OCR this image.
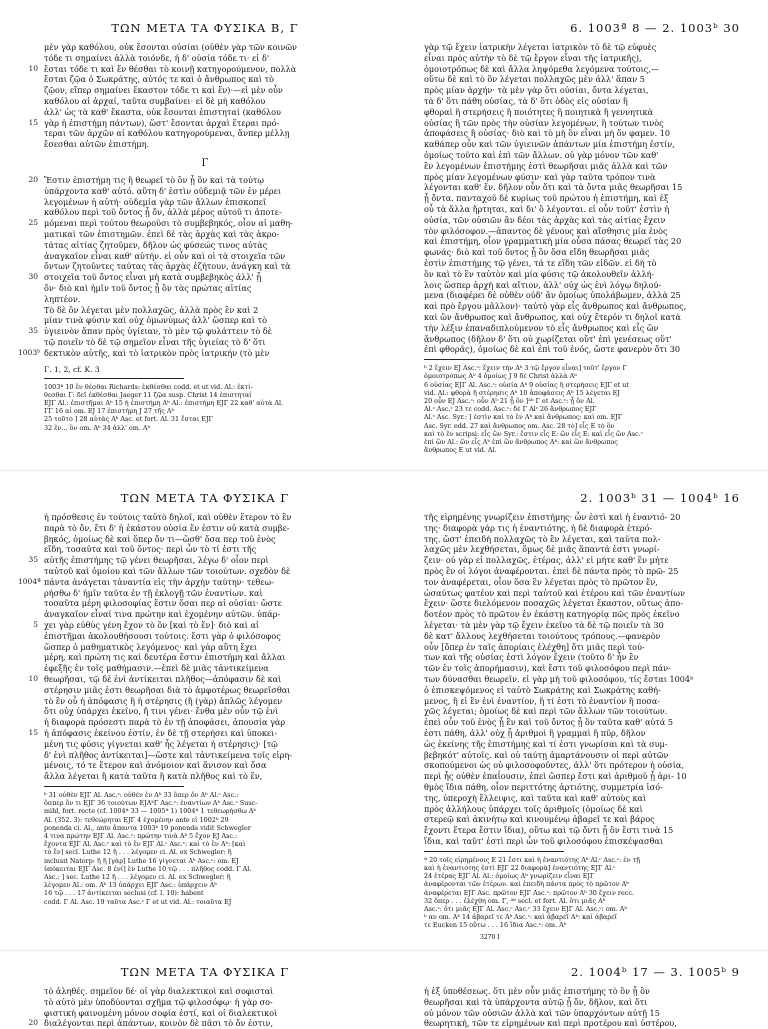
ΤΩΝ ΜΕΤΑ ΤΑ ΦΥΣΙΚΑ Β, Γ
μὲν γὰρ καθόλου, οὐκ ἔσονται οὐσίαι (οὐθὲν γὰρ τῶν κοινῶν
τόδε τι σημαίνει ἀλλὰ τοιόνδε, ἡ δ' οὐσία τόδε τι· εἰ δ'
10 ἔσται τόδε τι καὶ ἕν θέσθαι τὸ κοινῇ κατηγορούμενον, πολλὰ
ἔσται ζῷα ὁ Σωκράτης, αὐτός τε καὶ ὁ ἄνθρωπος καὶ τὸ
ζῷον, εἴπερ σημαίνει ἕκαστον τόδε τι καὶ ἕν)·—εἰ μὲν οὖν
καθόλου αἱ ἀρχαί, ταῦτα συμβαίνει· εἰ δὲ μὴ καθόλου
ἀλλ' ὡς τὰ καθ' ἕκαστα, οὐκ ἔσονται ἐπιστηταί (καθόλου
15 γὰρ ἡ ἐπιστήμη πάντων), ὥστ' ἔσονται ἀρχαὶ ἕτεραι πρό-
τεραι τῶν ἀρχῶν αἱ καθόλου κατηγορούμεναι, ἄνπερ μέλλῃ
ἔσεσθαι αὐτῶν ἐπιστήμη.
Γ
20 Ἔστιν ἐπιστήμη τις ἣ θεωρεῖ τὸ ὂν ᾗ ὂν καὶ τὰ τούτῳ
ὑπάρχοντα καθ' αὑτό. αὕτη δ' ἐστὶν οὐδεμιᾷ τῶν ἐν μέρει
λεγομένων ἡ αὐτή· οὐδεμία γὰρ τῶν ἄλλων ἐπισκοπεῖ
καθόλου περὶ τοῦ ὄντος ᾗ ὄν, ἀλλὰ μέρος αὐτοῦ τι ἀποτε-
25 μόμεναι περὶ τούτου θεωροῦσι τὸ συμβεβηκός, οἷον αἱ μαθη-
ματικαὶ τῶν ἐπιστημῶν. ἐπεὶ δὲ τὰς ἀρχὰς καὶ τὰς ἀκρο-
τάτας αἰτίας ζητοῦμεν, δῆλον ὡς φύσεώς τινος αὐτὰς
ἀναγκαῖον εἶναι καθ' αὑτήν. εἰ οὖν καὶ οἱ τὰ στοιχεῖα τῶν
ὄντων ζητοῦντες ταύτας τὰς ἀρχὰς ἐζήτουν, ἀνάγκη καὶ τὰ
30 στοιχεῖα τοῦ ὄντος εἶναι μὴ κατὰ συμβεβηκὸς ἀλλ' ᾗ
ὄν· διὸ καὶ ἡμῖν τοῦ ὄντος ᾗ ὂν τὰς πρώτας αἰτίας
ληπτέον.
Τὸ δὲ ὂν λέγεται μὲν πολλαχῶς, ἀλλὰ πρὸς ἓν καὶ 2
μίαν τινὰ φύσιν καὶ οὐχ ὁμωνύμως ἀλλ' ὥσπερ καὶ τὸ
35 ὑγιεινὸν ἅπαν πρὸς ὑγίειαν, τὸ μὲν τῷ φυλάττειν τὸ δὲ
τῷ ποιεῖν τὸ δὲ τῷ σημεῖον εἶναι τῆς ὑγιείας τὸ δ' ὅτι
1003ᵇ δεκτικὸν αὐτῆς, καὶ τὸ ἰατρικὸν πρὸς ἰατρικήν (τὸ μὲν
Γ. 1, 2, cf. K. 3
1003ª 10 ἓν θέσθαι Richards: ἐκθέσθαι codd. et ut vid. Al.: ἐκτί-
θεσθαι Γ: δεῖ ἐκθέσθαι Jaeger 11 ζῷα susp. Christ 14 ἐπιστηταί
EJΓ Al.: ἐπιστῆμαι Aᵇ 15 ἡ ἐπιστήμη Aᵇ Al.: ἐπιστήμη EJΓ 22 καθ' αὑτὰ Al.
ΓΓ 16 αἱ om. EJ 17 ἐπιστήμη J 27 τῆς Aᵇ
25 τοῦτο ] 28 αὐτὰς Aᵇ Asc. et fort. Al. 31 ἔσται EJΓ
32 ἓν... ὂν om. Aᵇ 34 ἀλλ' om. Aᵇ
6. 1003ª 8 — 2. 1003ᵇ 30
γὰρ τῷ ἔχειν ἰατρικὴν λέγεται ἰατρικὸν τὸ δὲ τῷ εὐφυὲς
εἶναι πρὸς αὐτὴν τὸ δὲ τῷ ἔργον εἶναι τῆς ἰατρικῆς),
ὁμοιοτρόπως δὲ καὶ ἄλλα ληψόμεθα λεγόμενα τούτοις,—
οὕτω δὲ καὶ τὸ ὂν λέγεται πολλαχῶς μὲν ἀλλ' ἅπαν 5
πρὸς μίαν ἀρχήν· τὰ μὲν γὰρ ὅτι οὐσίαι, ὄντα λέγεται,
τὰ δ' ὅτι πάθη οὐσίας, τὰ δ' ὅτι ὁδὸς εἰς οὐσίαν ἢ
φθοραὶ ἢ στερήσεις ἢ ποιότητες ἢ ποιητικὰ ἢ γεννητικὰ
οὐσίας ἢ τῶν πρὸς τὴν οὐσίαν λεγομένων, ἢ τούτων τινὸς
ἀποφάσεις ἢ οὐσίας· διὸ καὶ τὸ μὴ ὂν εἶναι μὴ ὄν φαμεν. 10
καθάπερ οὖν καὶ τῶν ὑγιεινῶν ἁπάντων μία ἐπιστήμη ἐστίν,
ὁμοίως τοῦτο καὶ ἐπὶ τῶν ἄλλων. οὐ γὰρ μόνον τῶν καθ'
ἓν λεγομένων ἐπιστήμης ἐστὶ θεωρῆσαι μιᾶς ἀλλὰ καὶ τῶν
πρὸς μίαν λεγομένων φύσιν· καὶ γὰρ ταῦτα τρόπον τινὰ
λέγονται καθ' ἕν. δῆλον οὖν ὅτι καὶ τὰ ὄντα μιᾶς θεωρῆσαι 15
ᾗ ὄντα. πανταχοῦ δὲ κυρίως τοῦ πρώτου ἡ ἐπιστήμη, καὶ ἐξ
οὗ τὰ ἄλλα ἤρτηται, καὶ δι' ὃ λέγονται. εἰ οὖν τοῦτ' ἐστὶν ἡ
οὐσία, τῶν οὐσιῶν ἂν δέοι τὰς ἀρχὰς καὶ τὰς αἰτίας ἔχειν
τὸν φιλόσοφον.—ἁπαντος δὲ γένους καὶ αἴσθησις μία ἑνὸς
καὶ ἐπιστήμη, οἷον γραμματικὴ μία οὖσα πάσας θεωρεῖ τὰς 20
φωνάς· διὸ καὶ τοῦ ὄντος ᾗ ὂν ὅσα εἴδη θεωρῆσαι μιᾶς
ἐστὶν ἐπιστήμης τῷ γένει, τά τε εἴδη τῶν εἰδῶν. εἰ δὴ τὸ
ὂν καὶ τὸ ἓν ταὐτὸν καὶ μία φύσις τῷ ἀκολουθεῖν ἀλλή-
λοις ὥσπερ ἀρχὴ καὶ αἴτιον, ἀλλ' οὐχ ὡς ἑνὶ λόγῳ δηλού-
μενα (διαφέρει δὲ οὐθὲν οὐδ' ἂν ὁμοίως ὑπολάβωμεν, ἀλλὰ 25
καὶ πρὸ ἔργου μᾶλλον)· ταὐτὸ γὰρ εἷς ἄνθρωπος καὶ ἄνθρωπος,
καὶ ὢν ἄνθρωπος καὶ ἄνθρωπος, καὶ οὐχ ἕτερόν τι δηλοῖ κατὰ
τὴν λέξιν ἐπαναδιπλούμενον τὸ εἷς ἄνθρωπος καὶ εἷς ὢν
ἄνθρωπος (δῆλον δ' ὅτι οὐ χωρίζεται οὔτ' ἐπὶ γενέσεως οὔτ'
ἐπὶ φθορᾶς), ὁμοίως δὲ καὶ ἐπὶ τοῦ ἑνός, ὥστε φανερὸν ὅτι 30
ᵇ 2 ἔχειν EJ Asc.ᶜ: ἔχειν τὴν Aᵇ 3 τῷ ἔργον εἶναι] τοῦτ' ἔργον Γ
ὁμοιοτρόπως Aᵇ 4 ὁμοίως J 9 δὲ Christ ἀλλὰ Aᵇ
6 οὐσίας EJΓ Al. Asc.ᶜ: οὐσία Aᵇ 9 οὐσίας ἢ στερήσεις EJΓ et ut
vid. Al.: φθορὰ ἢ στέρησις Aᵇ 10 ἀποφάσεις Aᵇ 15 λέγεται EJ
20 οὖν EJ Asc.ᶜ: οὖν Aᵇ 21 ᾗ ὂν ]ᴬᵇ Γ et Asc.ᶜ: ᾗ ὂν Al.
Al.ᶜ Asc.ᶜ 23 τε codd. Asc.ᶜ: δὲ Γ Alᶜ 26 ἄνθρωπος EJΓ
Al.ᶜ Asc. Syr.: ] ἐστὶν καὶ τὸ ἓν Aᵇ καὶ ἄνθρωπος: καὶ om. EJΓ
Asc. Syr. edd. 27 καὶ ἄνθρωπος om. Asc. 28 τὸ] εἷς E τὸ ὂν
καὶ τὸ ἓν scripsi: εἷς ὢν Syr.: ἔστιν εἷς E: ὢν εἷς E: καὶ εἷς ὢν Asc.ᶜ
ἐπὶ ὢν Al.: ὢν εἷς Aᵇ ἐπὶ ὢν ἄνθρωπος Aᵇ: καὶ ὢν ἄνθρωπος
ἄνθρωπος E ut vid. Al.
ΤΩΝ ΜΕΤΑ ΤΑ ΦΥΣΙΚΑ Γ
ἡ πρόσθεσις ἐν τούτοις ταὐτὸ δηλοῖ, καὶ οὐθὲν ἕτερον τὸ ἓν
παρὰ τὸ ὄν, ἔτι δ' ἡ ἑκάστου οὐσία ἕν ἐστιν οὐ κατὰ συμβε-
βηκός, ὁμοίως δὲ καὶ ὅπερ ὄν τι—ὥσθ' ὅσα περ τοῦ ἑνὸς
εἴδη, τοσαῦτα καὶ τοῦ ὄντος· περὶ ὧν τὸ τί ἐστι τῆς
35 αὐτῆς ἐπιστήμης τῷ γένει θεωρῆσαι, λέγω δ' οἷον περὶ
ταὐτοῦ καὶ ὁμοίου καὶ τῶν ἄλλων τῶν τοιούτων. σχεδὸν δὲ
1004ª πάντα ἀνάγεται τἀναντία εἰς τὴν ἀρχὴν ταύτην· τεθεω-
ρήσθω δ' ἡμῖν ταῦτα ἐν τῇ ἐκλογῇ τῶν ἐναντίων. καὶ
τοσαῦτα μέρη φιλοσοφίας ἔστιν ὅσαι περ αἱ οὐσίαι· ὥστε
ἀναγκαῖον εἶναί τινα πρώτην καὶ ἐχομένην αὐτῶν. ὑπάρ-
5 χει γὰρ εὐθὺς γένη ἔχον τὸ ὂν [καὶ τὸ ἕν]· διὸ καὶ αἱ
ἐπιστῆμαι ἀκολουθήσουσι τούτοις. ἔστι γὰρ ὁ φιλόσοφος
ὥσπερ ὁ μαθηματικὸς λεγόμενος· καὶ γὰρ αὕτη ἔχει
μέρη, καὶ πρώτη τις καὶ δευτέρα ἔστιν ἐπιστήμη καὶ ἄλλαι
ἐφεξῆς ἐν τοῖς μαθήμασιν.—ἐπεὶ δὲ μιᾶς τἀντικείμενα
10 θεωρῆσαι, τῷ δὲ ἑνὶ ἀντίκειται πλῆθος—ἀπόφασιν δὲ καὶ
στέρησιν μιᾶς ἐστι θεωρῆσαι διὰ τὸ ἀμφοτέρως θεωρεῖσθαι
τὸ ἓν οὗ ἡ ἀπόφασις ἢ ἡ στέρησις (ἢ (γὰρ) ἁπλῶς λέγομεν
ὅτι οὐχ ὑπάρχει ἐκεῖνο, ἤ τινι γένει· ἔνθα μὲν οὖν τῷ ἑνὶ
ἡ διαφορὰ πρόσεστι παρὰ τὸ ἐν τῇ ἀποφάσει, ἀπουσία γὰρ
15 ἡ ἀπόφασις ἐκείνου ἐστίν, ἐν δὲ τῇ στερήσει καὶ ὑποκει-
μένη τις φύσις γίγνεται καθ' ἧς λέγεται ἡ στέρησις)· [τῷ
δ' ἑνὶ πλῆθος ἀντίκειται]—ὥστε καὶ τἀντικείμενα τοῖς εἰρη-
μένοις, τό τε ἕτερον καὶ ἀνόμοιον καὶ ἄνισον καὶ ὅσα
ἄλλα λέγεται ἢ κατὰ ταῦτα ἢ κατὰ πλῆθος καὶ τὸ ἕν,
ᵇ 31 οὐθὲν EJΓ Al. Asc.ᶜ: οὐθὲν ἐν Aᵇ 33 ὅπερ ὄν Aᵇ Al.ᶜ Asc.:
ὅσπερ ὄν τι EJΓ 36 τοιούτων EJAᵇΓ Asc.ᶜ: ἐναντίων Aᵇ Asc.ᶜ Susc-
mihl, fort. recte (cf. 1004ª 33 — 1005ª 1) 1004ª 1 τεθεωρήσθω Aᵇ
Al. (352. 3): τεθεώρηται EJΓ 4 ἐχομένην ante εἰ 1002ᵇ 29
ponenda ci. Al., ante ἄπαντα 1003ᵇ 19 ponenda vidit Schwegler
4 τινα πρώτην EJΓ Al. Asc.ᶜ: πρώτην τινὰ Aᵇ 5 ἔχον EJ Asc.:
ἔχοντα EJΓ Al. Asc.ᶜ καὶ τὸ ἓν EJΓ Al.ᶜ Asc.ᶜ: καὶ τὸ ἓν Aᵇ: [καὶ
τὸ ἕν] secl. Luthe 12 ἢ . . . λέγομεν ci. Al. ex Schwegler: ἢ
inclusit Natorp: ἢ ἢ [γὰρ] Luthe 16 γίγνεται Aᵇ Asc.ᶜ: om. EJ
ὑπόκειται EJΓ Asc. 8 ἑνί] ἓν Luthe 10 τῷ . . . πλῆθος codd. Γ Al.
Asc.: ] sec. Luthe 12 ἢ . . . λέγομεν ci. Al. ex Schwegler: ἢ
λέγομεν Al.: om. Aᵇ 13 ὑπάρχει EJΓ Asc.: ὑπάρχειν Aᵇ
16 τῷ . . . 17 ἀντίκειται seclusi (cf. l. 10): habent
codd. Γ Al. Asc. 19 ταῦτα Asc.ᶜ Γ et ut vid. Al.: τοιαῦτα EJ
2. 1003ᵇ 31 — 1004ᵇ 16
τῆς εἰρημένης γνωρίζειν ἐπιστήμης· ὧν ἐστὶ καὶ ἡ ἐναντιό- 20
της· διαφορὰ γάρ τις ἡ ἐναντιότης, ἡ δὲ διαφορὰ ἑτερό-
της. ὥστ' ἐπειδὴ πολλαχῶς τὸ ἓν λέγεται, καὶ ταῦτα πολ-
λαχῶς μὲν λεχθήσεται, ὅμως δὲ μιᾶς ἅπαντά ἐστι γνωρί-
ζειν· οὐ γὰρ εἰ πολλαχῶς, ἑτέρας, ἀλλ' εἰ μήτε καθ' ἓν μήτε
πρὸς ἓν οἱ λόγοι ἀναφέρονται. ἐπεὶ δὲ πάντα πρὸς τὸ πρῶ- 25
τον ἀναφέρεται, οἷον ὅσα ἓν λέγεται πρὸς τὸ πρῶτον ἕν,
ὡσαύτως φατέον καὶ περὶ ταὐτοῦ καὶ ἑτέρου καὶ τῶν ἐναντίων
ἔχειν· ὥστε διελόμενον ποσαχῶς λέγεται ἕκαστον, οὕτως ἀπο-
δοτέον πρὸς τὸ πρῶτον ἐν ἑκάστῃ κατηγορίᾳ πῶς πρὸς ἐκεῖνο
λέγεται· τὰ μὲν γὰρ τῷ ἔχειν ἐκεῖνο τὰ δὲ τῷ ποιεῖν τὰ 30
δὲ κατ' ἄλλους λεχθήσεται τοιούτους τρόπους.—φανερὸν
οὖν [ὅπερ ἐν ταῖς ἀπορίαις ἐλέχθη] ὅτι μιᾶς περὶ τού-
των καὶ τῆς οὐσίας ἐστὶ λόγον ἔχειν (τοῦτο δ' ἦν ἓν
τῶν ἐν τοῖς ἀπορήμασιν), καὶ ἔστι τοῦ φιλοσόφου περὶ πάν-
των δύνασθαι θεωρεῖν. εἰ γὰρ μὴ τοῦ φιλοσόφου, τίς ἔσται 1004ᵇ
ὁ ἐπισκεψόμενος εἰ ταὐτὸ Σωκράτης καὶ Σωκράτης καθή-
μενος, ἢ εἰ ἓν ἑνὶ ἐναντίον, ἢ τί ἐστι τὸ ἐναντίον ἢ ποσα-
χῶς λέγεται; ὁμοίως δὲ καὶ περὶ τῶν ἄλλων τῶν τοιούτων.
ἐπεὶ οὖν τοῦ ἑνὸς ᾗ ἓν καὶ τοῦ ὄντος ᾗ ὂν ταῦτα καθ' αὑτά 5
ἐστι πάθη, ἀλλ' οὐχ ᾗ ἀριθμοὶ ἢ γραμμαὶ ἢ πῦρ, δῆλον
ὡς ἐκείνης τῆς ἐπιστήμης καὶ τί ἐστι γνωρίσαι καὶ τὰ συμ-
βεβηκότ' αὐτοῖς. καὶ οὐ ταύτῃ ἁμαρτάνουσιν οἱ περὶ αὐτῶν
σκοπούμενοι ὡς οὐ φιλοσοφοῦντες, ἀλλ' ὅτι πρότερον ἡ οὐσία,
περὶ ἧς οὐθὲν ἐπαΐουσιν, ἐπεὶ ὥσπερ ἔστι καὶ ἀριθμοῦ ᾗ ἀρι- 10
θμὸς ἴδια πάθη, οἷον περιττότης ἀρτιότης, συμμετρία ἰσό-
της, ὑπεροχὴ ἔλλειψις, καὶ ταῦτα καὶ καθ' αὑτοὺς καὶ
πρὸς ἀλλήλους ὑπάρχει τοῖς ἀριθμοῖς (ὁμοίως δὲ καὶ
στερεῷ καὶ ἀκινήτῳ καὶ κινουμένῳ ἀβαρεῖ τε καὶ βάρος
ἔχοντι ἕτερα ἔστιν ἴδια), οὕτω καὶ τῷ ὄντι ᾗ ὂν ἔστι τινὰ 15
ἴδια, καὶ ταῦτ' ἐστὶ περὶ ὧν τοῦ φιλοσόφου ἐπισκέψασθαι
ª 20 τοῖς εἰρημένοις E 21 ἔστι καὶ ἡ ἐναντιότης Aᵇ Al.ᶜ Asc.ᶜ: ἐν τῇ
καὶ ἡ ἐναντιότης ἐστὶ EJΓ 22 διαφορὰ] ἐναντιότης EJΓ Al.ᶜ
24 ἑτέρας EJΓ Al. Al.: ὁμοίως Aᵇ γνωρίζειν εἶναι EJΓ
ἀναφέρονται τῶν ἑτέρων. καὶ ἐπειδὴ πάντα πρὸς τὸ πρῶτον Aᵇ
ἀναφέρεται EJΓ Asc. πρῶτον EJΓ Asc.ᶜ: πρῶτον Aᵇ 30 ἔχειν recc.
32 ὅπερ . . . ἐλέχθη om. Γ, ᴬᵇ secl. et fort. Al. ὅτι μιᾶς Aᵇ
Asc.ᶜ: ὅτι μιᾶς EJΓ Al. Asc.ᶜ Asc.ᶜ 33 ἔχειν EJΓ Al. Asc.ᶜ: om. Aᵇ
ᵇ αν om. Aᵇ 14 ἀβαρεῖ τε Aᵇ Asc.ᶜ: καὶ ἀβαρεῖ Aᵇ: καὶ ἀβαρεῖ
τε Eucken 15 οὕτω . . . 16 ἴδια Asc.ᶜ: om. Aᵇ
3270 I
ΤΩΝ ΜΕΤΑ ΤΑ ΦΥΣΙΚΑ Γ
τὸ ἀληθές. σημεῖον δέ· οἱ γὰρ διαλεκτικοὶ καὶ σοφισταὶ
τὸ αὐτὸ μὲν ὑποδύονται σχῆμα τῷ φιλοσόφῳ· ἡ γὰρ σο-
φιστικὴ φαινομένη μόνον σοφία ἐστί, καὶ οἱ διαλεκτικοὶ
20 διαλέγονται περὶ ἁπάντων, κοινὸν δὲ πᾶσι τὸ ὄν ἐστιν,
2. 1004ᵇ 17 — 3. 1005ᵇ 9
ἡ ἐξ ὑποθέσεως. ὅτι μὲν οὖν μιᾶς ἐπιστήμης τὸ ὂν ᾗ ὂν
θεωρῆσαι καὶ τὰ ὑπάρχοντα αὐτῷ ᾗ ὄν, δῆλον, καὶ ὅτι
οὐ μόνον τῶν οὐσιῶν ἀλλὰ καὶ τῶν ὑπαρχόντων αὐτῇ 15
θεωρητική, τῶν τε εἰρημένων καὶ περὶ προτέρου καὶ ὑστέρου,
